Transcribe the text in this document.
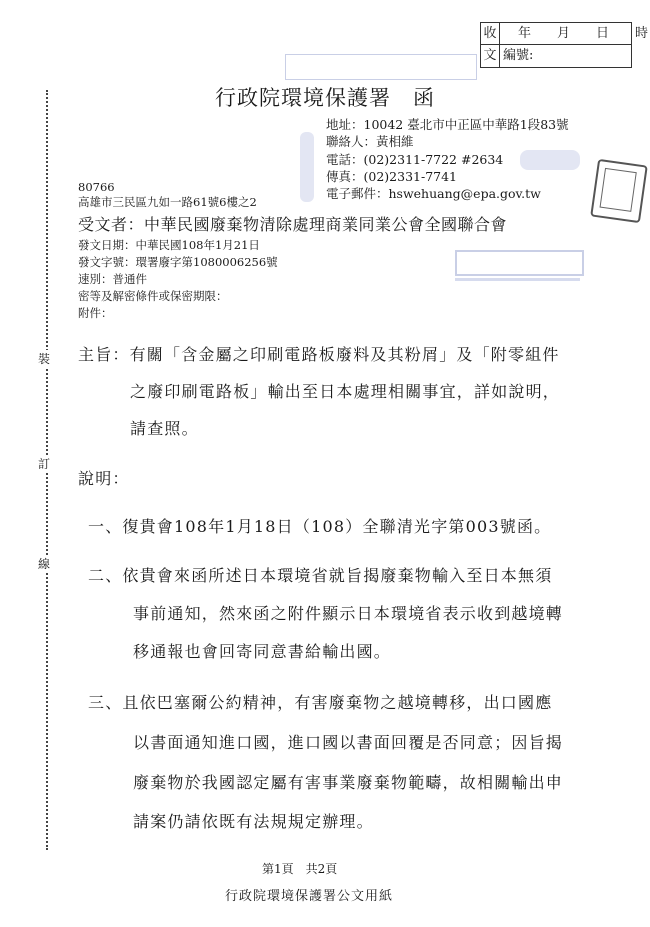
收
文
年　　月　　日　　時
編號:
裝
訂
線
行政院環境保護署　函
地址：10042 臺北市中正區中華路1段83號
聯絡人：黃相維
電話：(02)2311-7722 #2634
傳真：(02)2331-7741
電子郵件：hswehuang@epa.gov.tw
80766
高雄市三民區九如一路61號6樓之2
受文者：中華民國廢棄物清除處理商業同業公會全國聯合會
發文日期：中華民國108年1月21日
發文字號：環署廢字第1080006256號
速別：普通件
密等及解密條件或保密期限：
附件：
主旨：有關「含金屬之印刷電路板廢料及其粉屑」及「附零組件
之廢印刷電路板」輸出至日本處理相關事宜，詳如說明，
請查照。
說明：
一、復貴會108年1月18日（108）全聯清光字第003號函。
二、依貴會來函所述日本環境省就旨揭廢棄物輸入至日本無須
事前通知，然來函之附件顯示日本環境省表示收到越境轉
移通報也會回寄同意書給輸出國。
三、且依巴塞爾公約精神，有害廢棄物之越境轉移，出口國應
以書面通知進口國，進口國以書面回覆是否同意；因旨揭
廢棄物於我國認定屬有害事業廢棄物範疇，故相關輸出申
請案仍請依既有法規規定辦理。
第1頁　共2頁
行政院環境保護署公文用紙
